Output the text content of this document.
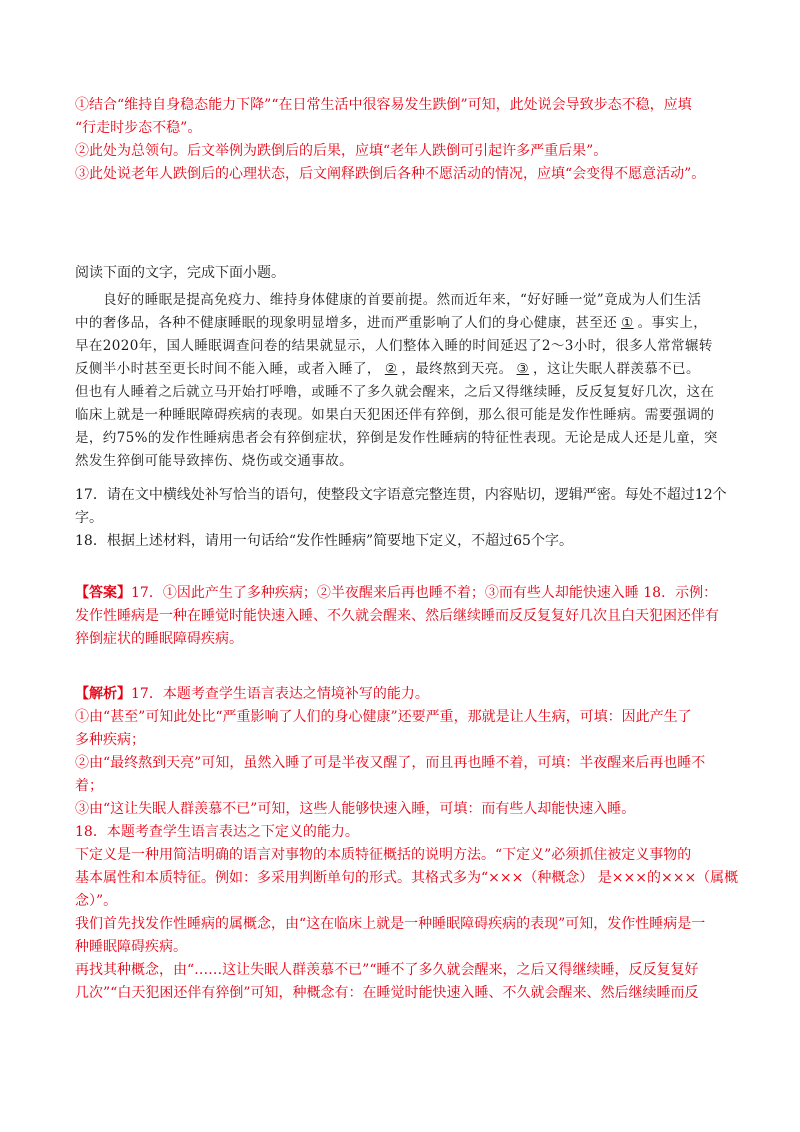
①结合“维持自身稳态能力下降”“在日常生活中很容易发生跌倒”可知，此处说会导致步态不稳，应填
“行走时步态不稳”。
②此处为总领句。后文举例为跌倒后的后果，应填“老年人跌倒可引起许多严重后果”。
③此处说老年人跌倒后的心理状态，后文阐释跌倒后各种不愿活动的情况，应填“会变得不愿意活动”。
阅读下面的文字，完成下面小题。
良好的睡眠是提高免疫力、维持身体健康的首要前提。然而近年来，“好好睡一觉”竟成为人们生活
中的奢侈品，各种不健康睡眠的现象明显增多，进而严重影响了人们的身心健康，甚至还 ① 。事实上，
早在2020年，国人睡眠调查问卷的结果就显示，人们整体入睡的时间延迟了2～3小时，很多人常常辗转
反侧半小时甚至更长时间不能入睡，或者入睡了， ② ，最终熬到天亮。 ③ ，这让失眠人群羡慕不已。
但也有人睡着之后就立马开始打呼噜，或睡不了多久就会醒来，之后又得继续睡，反反复复好几次，这在
临床上就是一种睡眠障碍疾病的表现。如果白天犯困还伴有猝倒，那么很可能是发作性睡病。需要强调的
是，约75%的发作性睡病患者会有猝倒症状，猝倒是发作性睡病的特征性表现。无论是成人还是儿童，突
然发生猝倒可能导致摔伤、烧伤或交通事故。
17．请在文中横线处补写恰当的语句，使整段文字语意完整连贯，内容贴切，逻辑严密。每处不超过12个
字。
18．根据上述材料，请用一句话给“发作性睡病”简要地下定义，不超过65个字。
【答案】17．①因此产生了多种疾病；②半夜醒来后再也睡不着；③而有些人却能快速入睡 18．示例：
发作性睡病是一种在睡觉时能快速入睡、不久就会醒来、然后继续睡而反反复复好几次且白天犯困还伴有
猝倒症状的睡眠障碍疾病。
【解析】17．本题考查学生语言表达之情境补写的能力。
①由“甚至”可知此处比“严重影响了人们的身心健康”还要严重，那就是让人生病，可填：因此产生了
多种疾病；
②由“最终熬到天亮”可知，虽然入睡了可是半夜又醒了，而且再也睡不着，可填：半夜醒来后再也睡不
着；
③由“这让失眠人群羡慕不已”可知，这些人能够快速入睡，可填：而有些人却能快速入睡。
18．本题考查学生语言表达之下定义的能力。
下定义是一种用简洁明确的语言对事物的本质特征概括的说明方法。“下定义”必须抓住被定义事物的
基本属性和本质特征。例如：多采用判断单句的形式。其格式多为“×××（种概念） 是×××的×××（属概
念）”。
我们首先找发作性睡病的属概念，由“这在临床上就是一种睡眠障碍疾病的表现”可知，发作性睡病是一
种睡眠障碍疾病。
再找其种概念，由“……这让失眠人群羡慕不已”“睡不了多久就会醒来，之后又得继续睡，反反复复好
几次”“白天犯困还伴有猝倒”可知，种概念有：在睡觉时能快速入睡、不久就会醒来、然后继续睡而反
